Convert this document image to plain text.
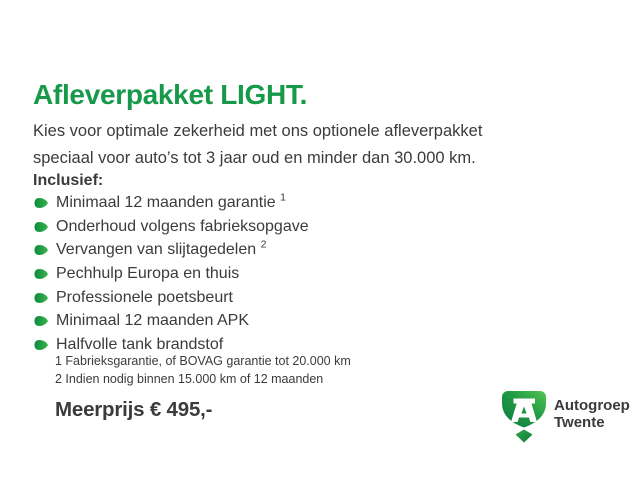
Afleverpakket LIGHT.

Kies voor optimale zekerheid met ons optionele afleverpakket
speciaal voor auto’s tot 3 jaar oud en minder dan 30.000 km.

Inclusief:
Minimaal 12 maanden garantie $^1$
Onderhoud volgens fabrieksopgave
Vervangen van slijtagedelen $^2$
Pechhulp Europa en thuis
Professionele poetsbeurt
Minimaal 12 maanden APK
Halfvolle tank brandstof
1 Fabrieksgarantie, of BOVAG garantie tot 20.000 km
2 Indien nodig binnen 15.000 km of 12 maanden
Meerprijs € 495,-	Autogroep
Twente
